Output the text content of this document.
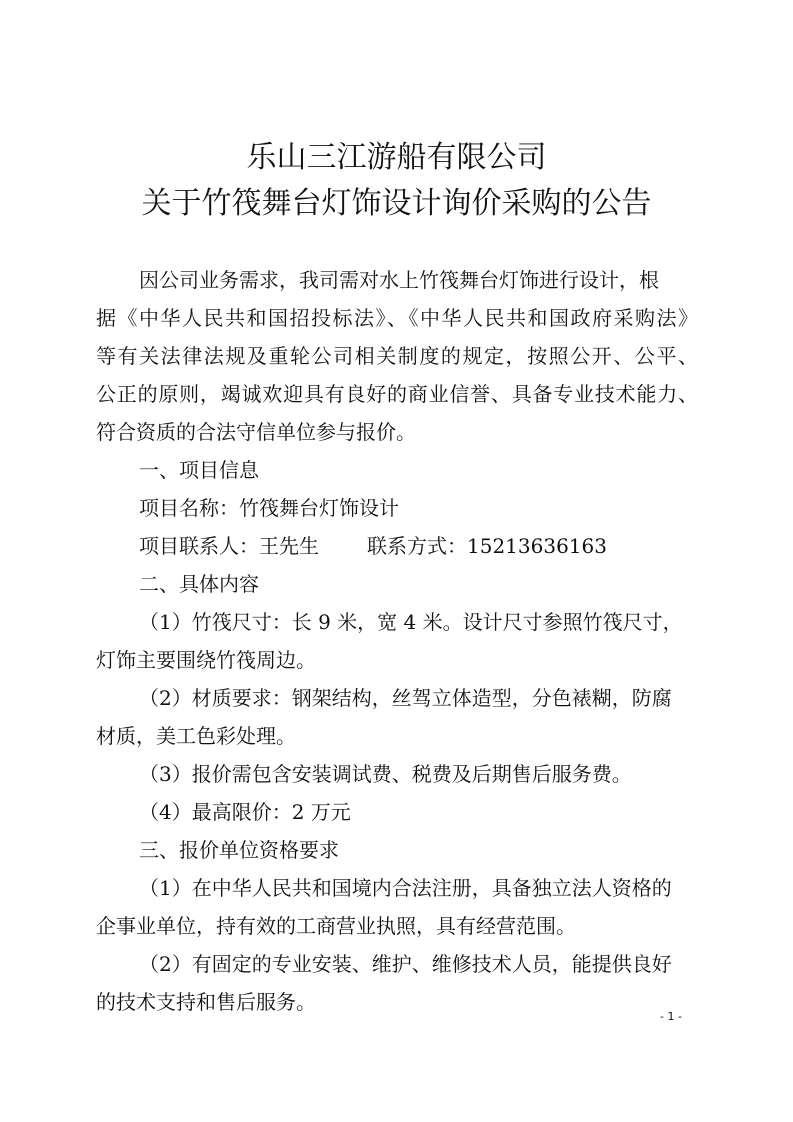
乐山三江游船有限公司
关于竹筏舞台灯饰设计询价采购的公告
因公司业务需求，我司需对水上竹筏舞台灯饰进行设计，根
据《中华人民共和国招投标法》、《中华人民共和国政府采购法》
等有关法律法规及重轮公司相关制度的规定，按照公开、公平、
公正的原则，竭诚欢迎具有良好的商业信誉、具备专业技术能力、
符合资质的合法守信单位参与报价。
一、项目信息
项目名称：竹筏舞台灯饰设计
项目联系人：王先生 联系方式：15213636163
二、具体内容
（1）竹筏尺寸：长 9 米，宽 4 米。设计尺寸参照竹筏尺寸，
灯饰主要围绕竹筏周边。
（2）材质要求：钢架结构，丝驾立体造型，分色裱糊，防腐
材质，美工色彩处理。
（3）报价需包含安装调试费、税费及后期售后服务费。
（4）最高限价：2 万元
三、报价单位资格要求
（1）在中华人民共和国境内合法注册，具备独立法人资格的
企事业单位，持有效的工商营业执照，具有经营范围。
（2）有固定的专业安装、维护、维修技术人员，能提供良好
的技术支持和售后服务。
- 1 -
